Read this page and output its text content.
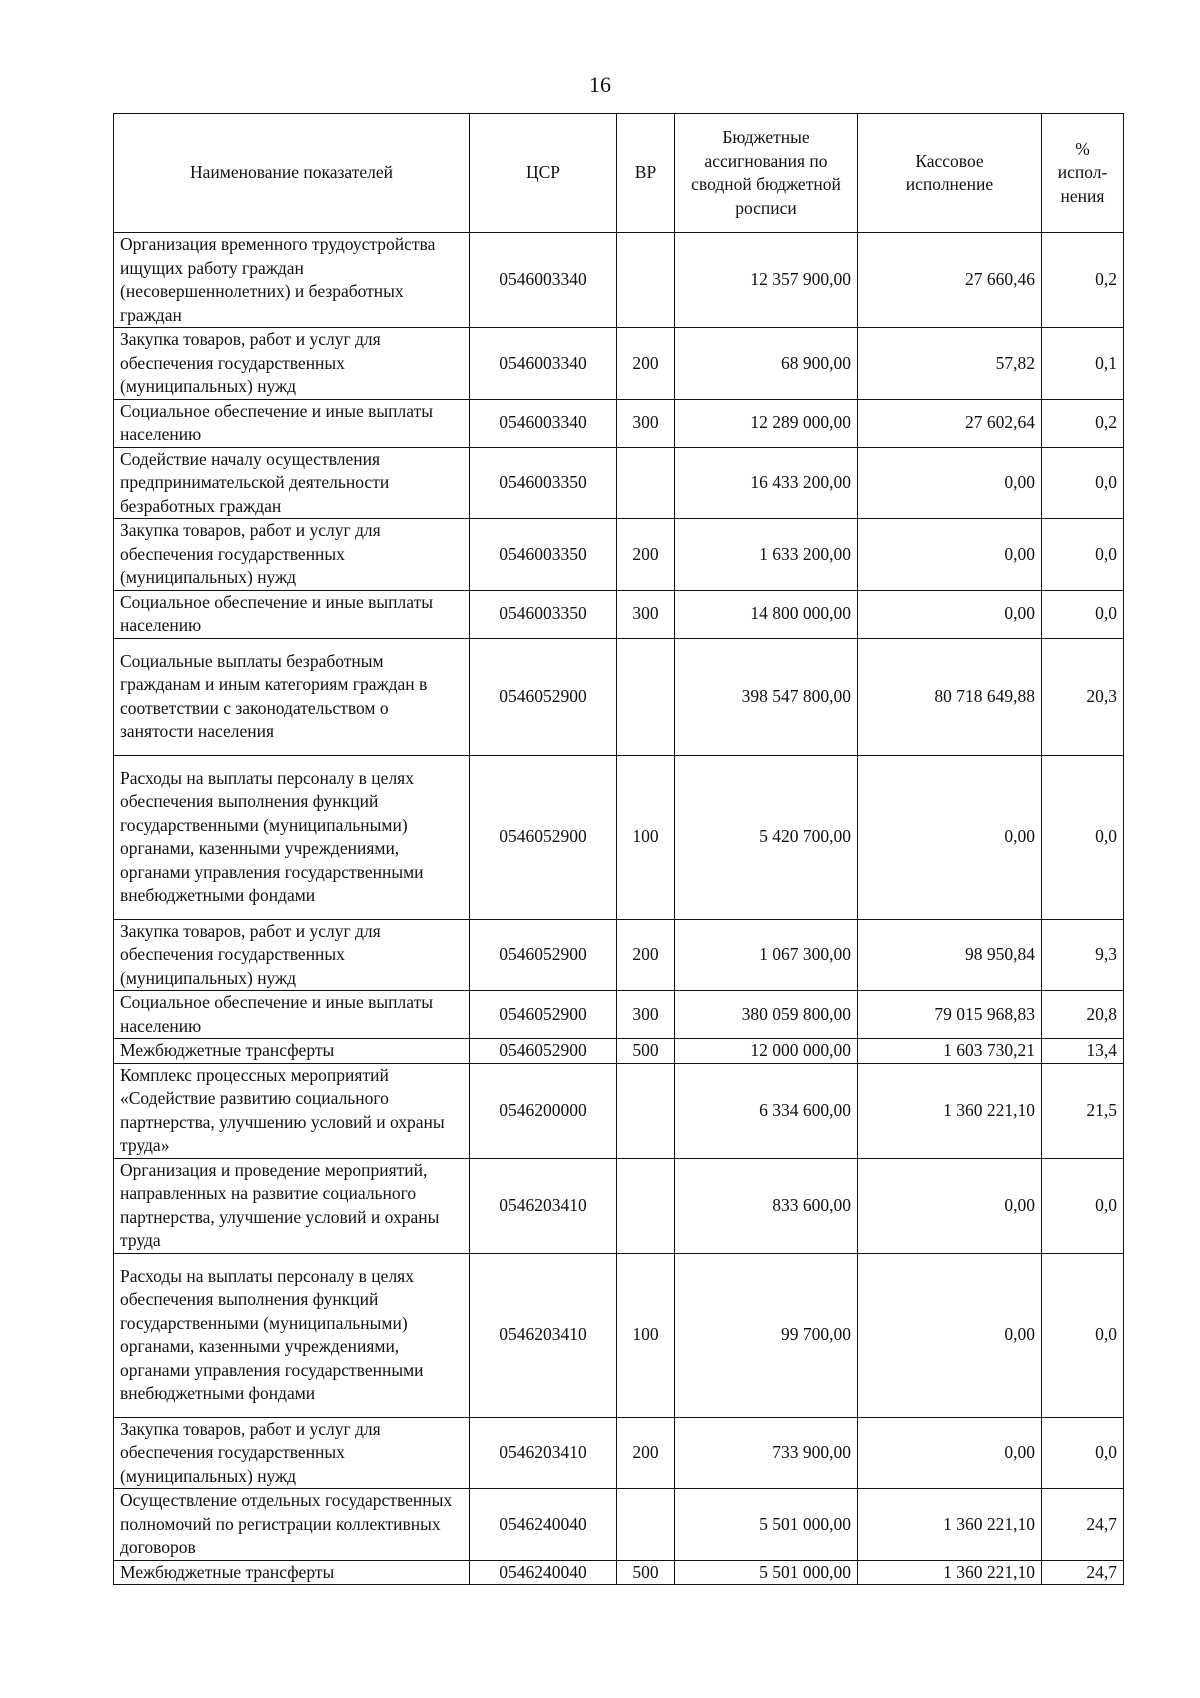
16
Наименование показателей	ЦСР	ВР	Бюджетные ассигнования по сводной бюджетной росписи	Кассовое исполнение	% испол-нения
Организация временного трудоустройства ищущих работу граждан (несовершеннолетних) и безработных граждан	0546003340		12 357 900,00	27 660,46	0,2
Закупка товаров, работ и услуг для обеспечения государственных (муниципальных) нужд	0546003340	200	68 900,00	57,82	0,1
Социальное обеспечение и иные выплаты населению	0546003340	300	12 289 000,00	27 602,64	0,2
Содействие началу осуществления предпринимательской деятельности безработных граждан	0546003350		16 433 200,00	0,00	0,0
Закупка товаров, работ и услуг для обеспечения государственных (муниципальных) нужд	0546003350	200	1 633 200,00	0,00	0,0
Социальное обеспечение и иные выплаты населению	0546003350	300	14 800 000,00	0,00	0,0
Социальные выплаты безработным гражданам и иным категориям граждан в соответствии с законодательством о занятости населения	0546052900		398 547 800,00	80 718 649,88	20,3
Расходы на выплаты персоналу в целях обеспечения выполнения функций государственными (муниципальными) органами, казенными учреждениями, органами управления государственными внебюджетными фондами	0546052900	100	5 420 700,00	0,00	0,0
Закупка товаров, работ и услуг для обеспечения государственных (муниципальных) нужд	0546052900	200	1 067 300,00	98 950,84	9,3
Социальное обеспечение и иные выплаты населению	0546052900	300	380 059 800,00	79 015 968,83	20,8
Межбюджетные трансферты	0546052900	500	12 000 000,00	1 603 730,21	13,4
Комплекс процессных мероприятий «Содействие развитию социального партнерства, улучшению условий и охраны труда»	0546200000		6 334 600,00	1 360 221,10	21,5
Организация и проведение мероприятий, направленных на развитие социального партнерства, улучшение условий и охраны труда	0546203410		833 600,00	0,00	0,0
Расходы на выплаты персоналу в целях обеспечения выполнения функций государственными (муниципальными) органами, казенными учреждениями, органами управления государственными внебюджетными фондами	0546203410	100	99 700,00	0,00	0,0
Закупка товаров, работ и услуг для обеспечения государственных (муниципальных) нужд	0546203410	200	733 900,00	0,00	0,0
Осуществление отдельных государственных полномочий по регистрации коллективных договоров	0546240040		5 501 000,00	1 360 221,10	24,7
Межбюджетные трансферты	0546240040	500	5 501 000,00	1 360 221,10	24,7
